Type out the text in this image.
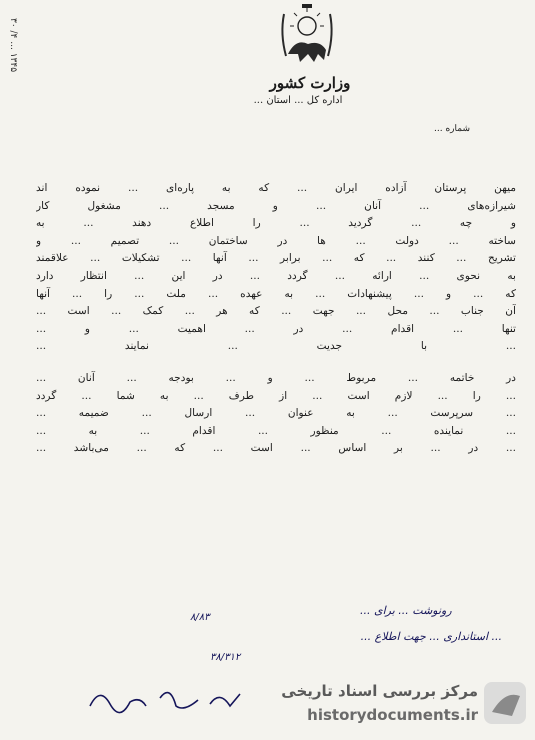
وزارت کشور
اداره کل ... استان ...
شماره ...
۳۰ /۴ ... ۱۳۴۵
میهن پرستان آزاده ایران ... که به پاره‌ای ... نموده اند
شیرازه‌های ... آنان ... و مسجد ... مشغول کار
و چه ... گردید ... را اطلاع دهند ... به
ساخته ... دولت ... ها در ساختمان ... تصمیم ... و
تشریح ... کنند ... که ... برابر ... آنها ... تشکیلات ... علاقمند
به نحوی ... ارائه ... گردد ... در این ... انتظار دارد
که ... و ... پیشنهادات ... به عهده ... ملت ... را ... آنها
آن جناب ... محل ... جهت ... که هر ... کمک ... است ...
تنها ... اقدام ... در ... اهمیت ... و ...
... با جدیت ... نمایند ...
در خاتمه ... مربوط ... و ... بودجه ... آنان ...
... را ... لازم است ... از طرف ... به شما ... گردد
... سرپرست ... به عنوان ... ارسال ... ضمیمه ...
... نماینده ... منظور ... اقدام ... به ...
... در ... بر اساس ... است ... که ... می‌باشد ...
رونوشت ... برای ...
... استانداری ... جهت اطلاع ...
۸/۸۳
۳۸/۳۱۲
مرکز بررسی اسناد تاریخی
historydocuments.ir
